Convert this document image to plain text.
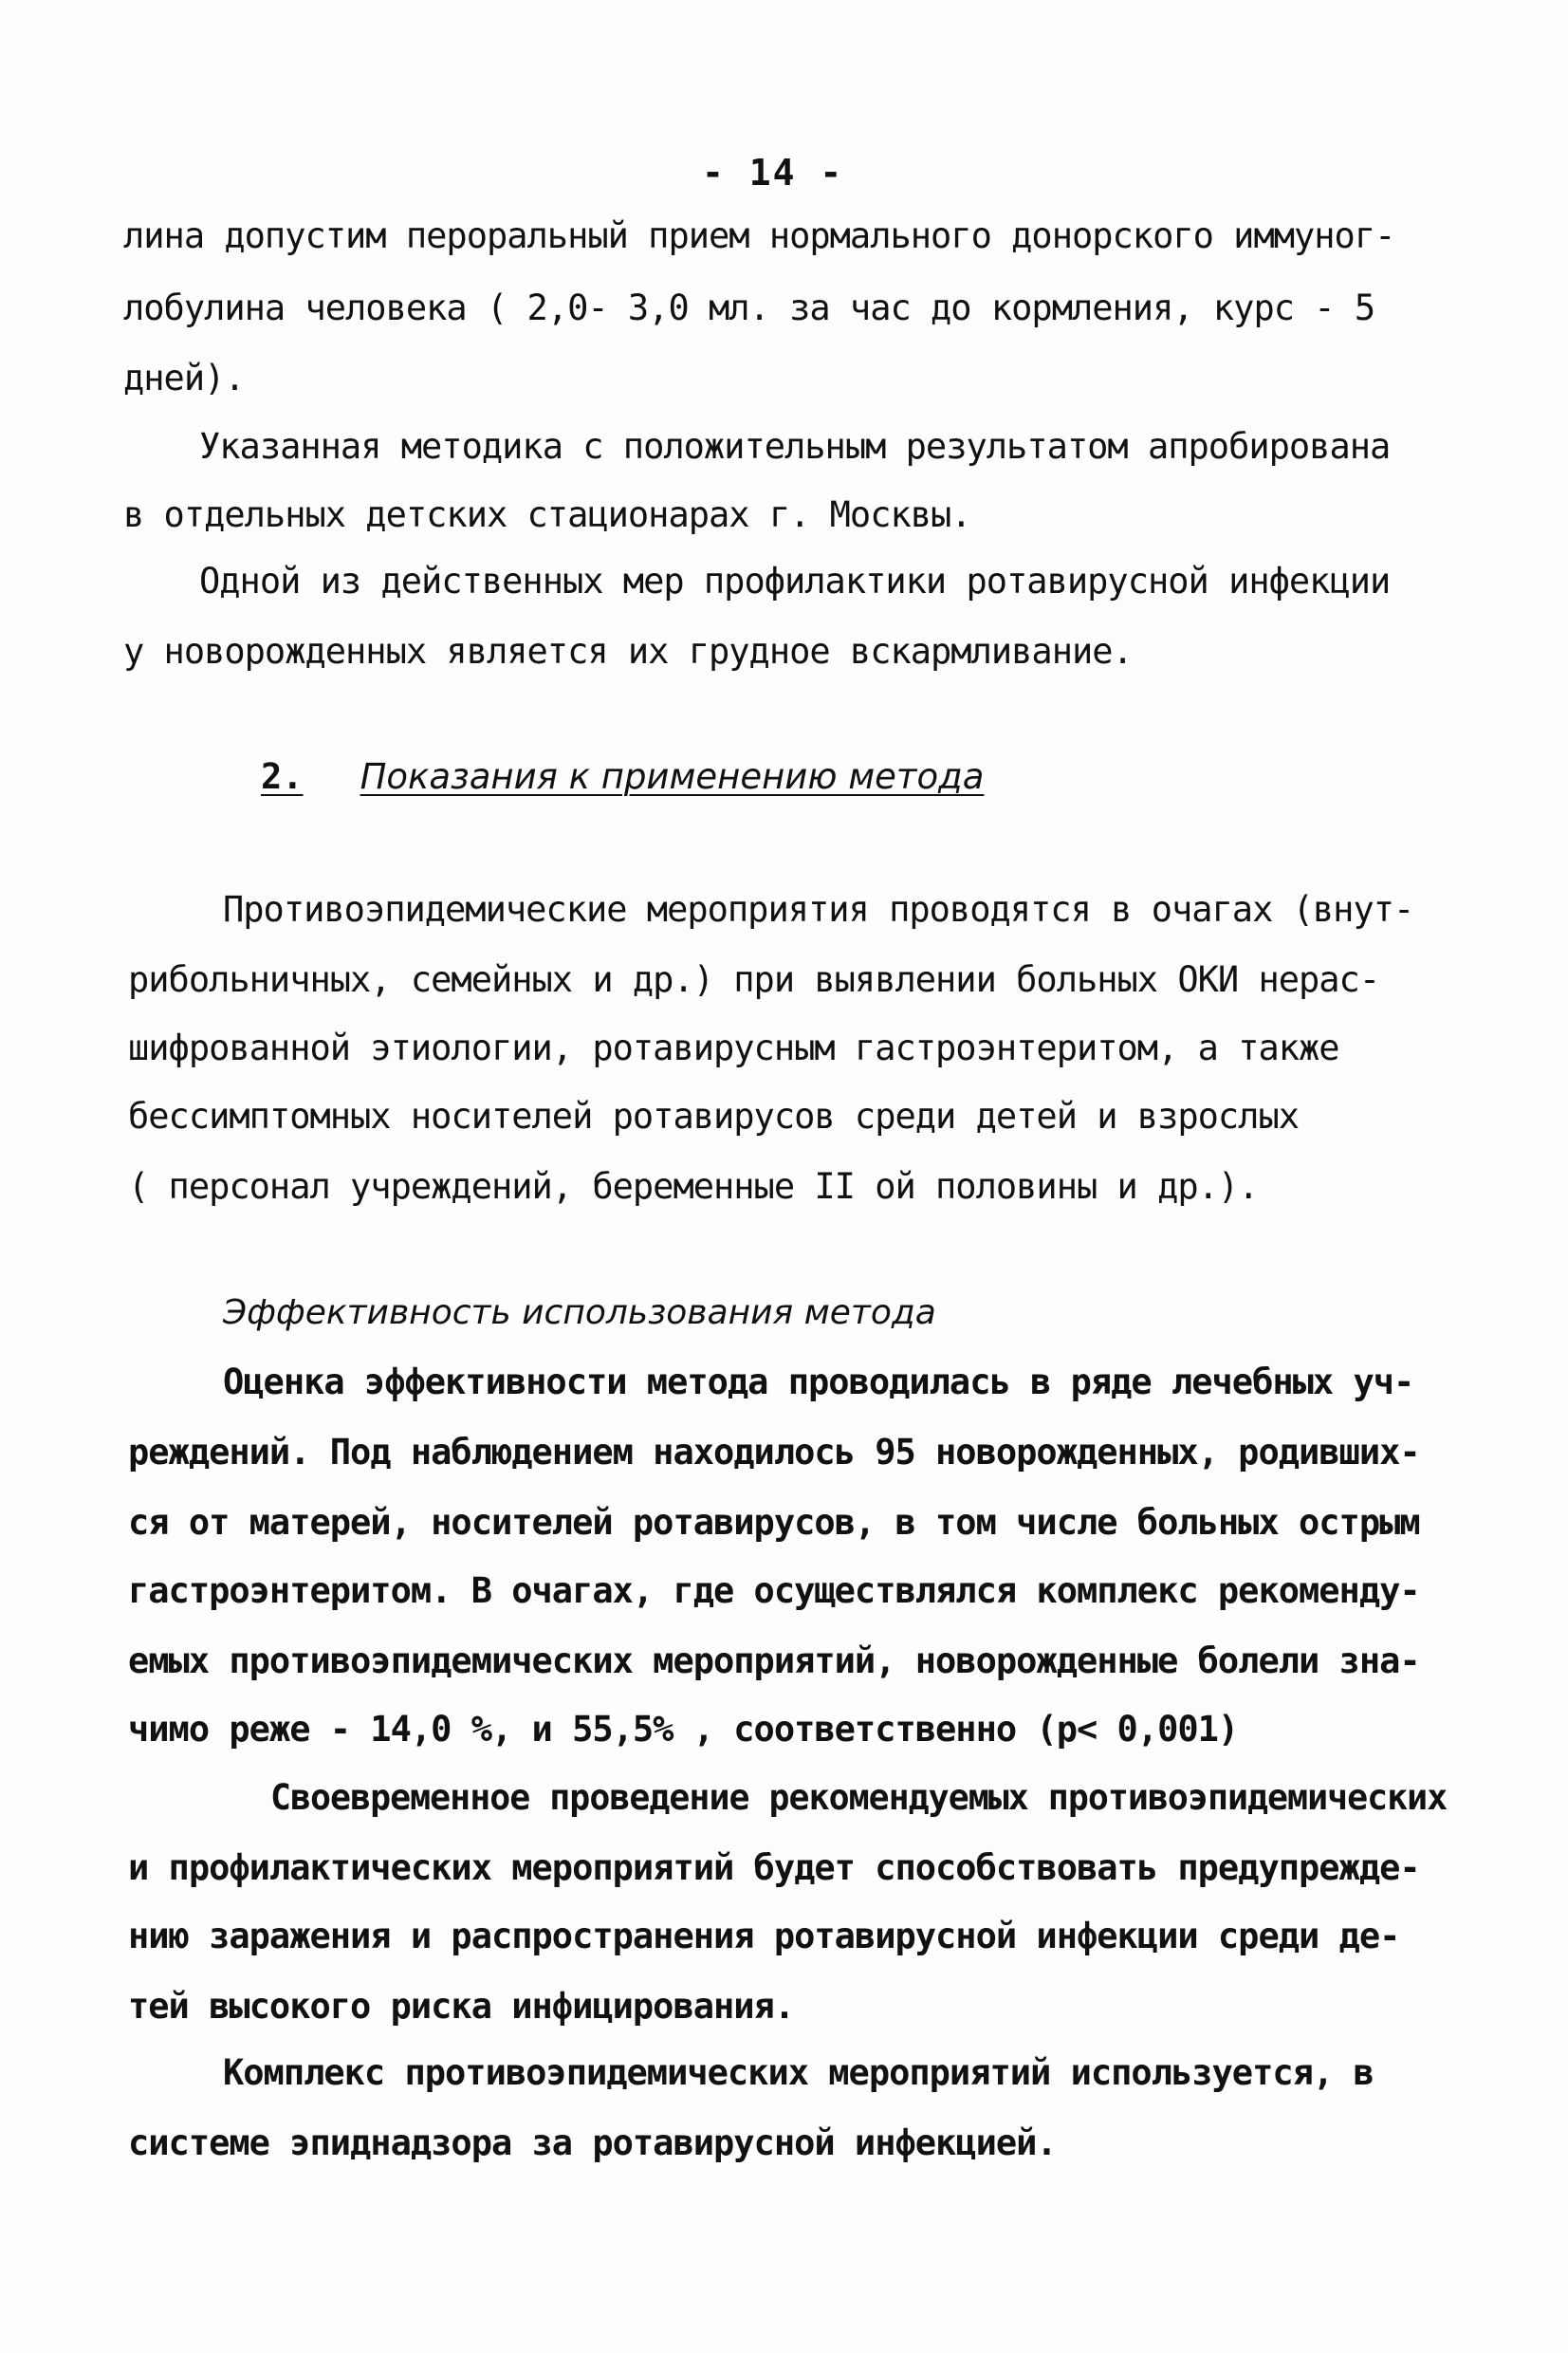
- 14 -
лина допустим пероральный прием нормального донорского иммуног-
лобулина человека ( 2,0- 3,0 мл. за час до кормления, курс - 5
дней).
Указанная методика с положительным результатом апробирована
в отдельных детских стационарах г. Москвы.
Одной из действенных мер профилактики ротавирусной инфекции
у новорожденных является их грудное вскармливание.
2. Показания к применению метода
Противоэпидемические мероприятия проводятся в очагах (внут-
рибольничных, семейных и др.) при выявлении больных ОКИ нерас-
шифрованной этиологии, ротавирусным гастроэнтеритом, а также
бессимптомных носителей ротавирусов среди детей и взрослых
( персонал учреждений, беременные II ой половины и др.).
Эффективность использования метода
Оценка эффективности метода проводилась в ряде лечебных уч-
реждений. Под наблюдением находилось 95 новорожденных, родивших-
ся от матерей, носителей ротавирусов, в том числе больных острым
гастроэнтеритом. В очагах, где осуществлялся комплекс рекоменду-
емых противоэпидемических мероприятий, новорожденные болели зна-
чимо реже - 14,0 %, и 55,5% , соответственно (p< 0,001)
Своевременное проведение рекомендуемых противоэпидемических
и профилактических мероприятий будет способствовать предупрежде-
нию заражения и распространения ротавирусной инфекции среди де-
тей высокого риска инфицирования.
Комплекс противоэпидемических мероприятий используется, в
системе эпиднадзора за ротавирусной инфекцией.
